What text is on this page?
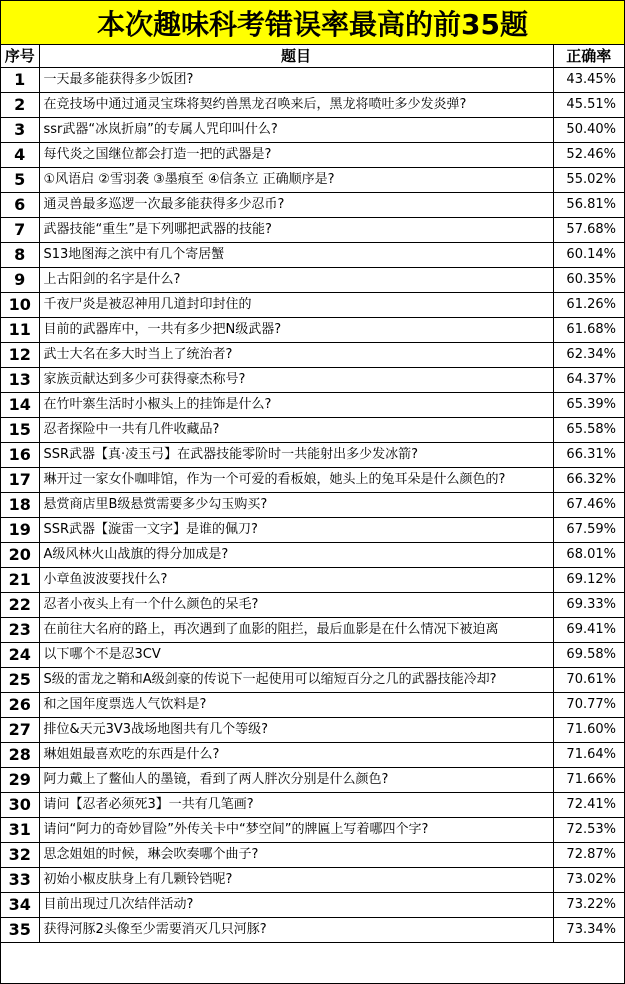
本次趣味科考错误率最高的前35题
序号	题目	正确率
1	一天最多能获得多少饭团?	43.45%
2	在竞技场中通过通灵宝珠将契约兽黑龙召唤来后，黑龙将喷吐多少发炎弹?	45.51%
3	ssr武器“冰岚折扇”的专属人咒印叫什么?	50.40%
4	每代炎之国继位都会打造一把的武器是?	52.46%
5	①风语启 ②雪羽袭 ③墨痕至 ④信条立 正确顺序是?	55.02%
6	通灵兽最多巡逻一次最多能获得多少忍币?	56.81%
7	武器技能“重生”是下列哪把武器的技能?	57.68%
8	S13地图海之滨中有几个寄居蟹	60.14%
9	上古阳剑的名字是什么?	60.35%
10	千夜尸炎是被忍神用几道封印封住的	61.26%
11	目前的武器库中，一共有多少把N级武器?	61.68%
12	武士大名在多大时当上了统治者?	62.34%
13	家族贡献达到多少可获得豪杰称号?	64.37%
14	在竹叶寨生活时小椒头上的挂饰是什么?	65.39%
15	忍者探险中一共有几件收藏品?	65.58%
16	SSR武器【真·凌玉弓】在武器技能零阶时一共能射出多少发冰箭?	66.31%
17	琳开过一家女仆咖啡馆，作为一个可爱的看板娘，她头上的兔耳朵是什么颜色的?	66.32%
18	悬赏商店里B级悬赏需要多少勾玉购买?	67.46%
19	SSR武器【漩雷一文字】是谁的佩刀?	67.59%
20	A级风林火山战旗的得分加成是?	68.01%
21	小章鱼波波要找什么?	69.12%
22	忍者小夜头上有一个什么颜色的呆毛?	69.33%
23	在前往大名府的路上，再次遇到了血影的阻拦，最后血影是在什么情况下被迫离	69.41%
24	以下哪个不是忍3CV	69.58%
25	S级的雷龙之鞘和A级剑豪的传说下一起使用可以缩短百分之几的武器技能冷却?	70.61%
26	和之国年度票选人气饮料是?	70.77%
27	排位&天元3V3战场地图共有几个等级?	71.60%
28	琳姐姐最喜欢吃的东西是什么?	71.64%
29	阿力戴上了鳖仙人的墨镜，看到了两人胖次分别是什么颜色?	71.66%
30	请问【忍者必须死3】一共有几笔画?	72.41%
31	请问“阿力的奇妙冒险”外传关卡中“梦空间”的牌匾上写着哪四个字?	72.53%
32	思念姐姐的时候，琳会吹奏哪个曲子?	72.87%
33	初始小椒皮肤身上有几颗铃铛呢?	73.02%
34	目前出现过几次结伴活动?	73.22%
35	获得河豚2头像至少需要消灭几只河豚?	73.34%
